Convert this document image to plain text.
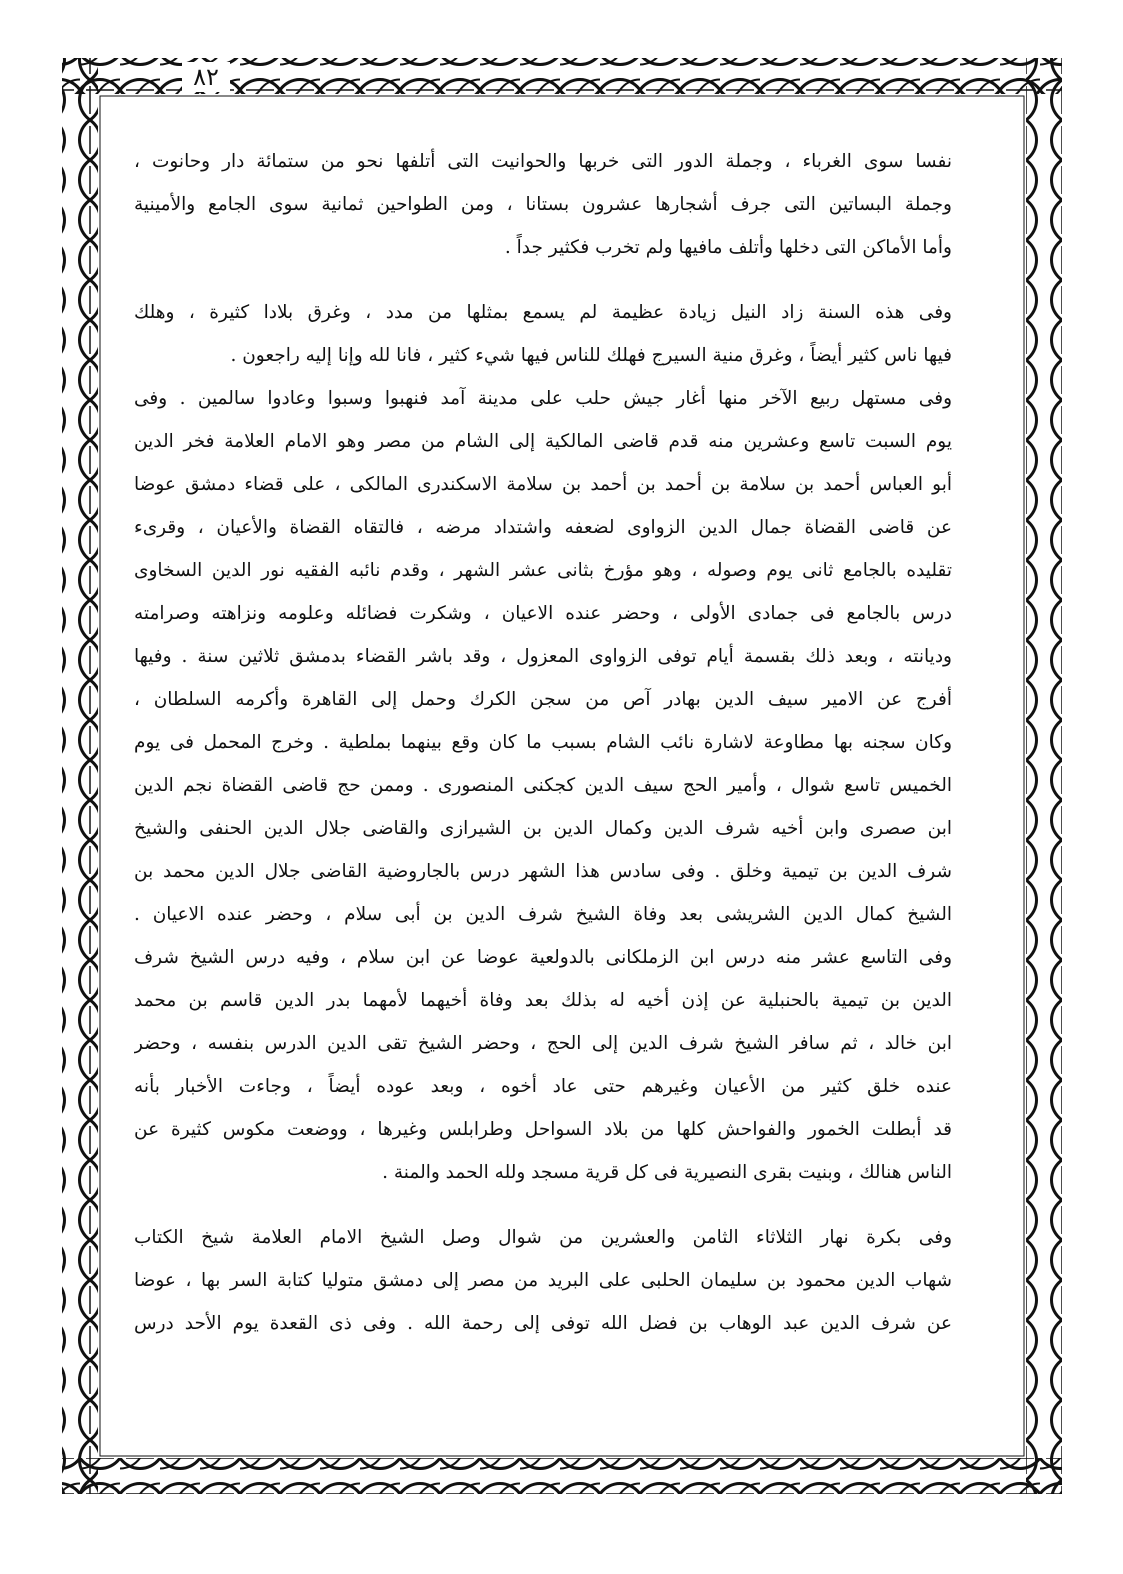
٨٢
نفسا سوى الغرباء ، وجملة الدور التى خربها والحوانيت التى أتلفها نحو من ستمائة دار وحانوت ،
وجملة البساتين التى جرف أشجارها عشرون بستانا ، ومن الطواحين ثمانية سوى الجامع والأمينية
وأما الأماكن التى دخلها وأتلف مافيها ولم تخرب فكثير جداً .
وفى هذه السنة زاد النيل زيادة عظيمة لم يسمع بمثلها من مدد ، وغرق بلادا كثيرة ، وهلك
فيها ناس كثير أيضاً ، وغرق منية السيرج فهلك للناس فيها شيء كثير ، فانا لله وإنا إليه راجعون .
وفى مستهل ربيع الآخر منها أغار جيش حلب على مدينة آمد فنهبوا وسبوا وعادوا سالمين . وفى
يوم السبت تاسع وعشرين منه قدم قاضى المالكية إلى الشام من مصر وهو الامام العلامة فخر الدين
أبو العباس أحمد بن سلامة بن أحمد بن أحمد بن سلامة الاسكندرى المالكى ، على قضاء دمشق عوضا
عن قاضى القضاة جمال الدين الزواوى لضعفه واشتداد مرضه ، فالتقاه القضاة والأعيان ، وقرىء
تقليده بالجامع ثانى يوم وصوله ، وهو مؤرخ بثانى عشر الشهر ، وقدم نائبه الفقيه نور الدين السخاوى
درس بالجامع فى جمادى الأولى ، وحضر عنده الاعيان ، وشكرت فضائله وعلومه ونزاهته وصرامته
وديانته ، وبعد ذلك بقسمة أيام توفى الزواوى المعزول ، وقد باشر القضاء بدمشق ثلاثين سنة . وفيها
أفرج عن الامير سيف الدين بهادر آص من سجن الكرك وحمل إلى القاهرة وأكرمه السلطان ،
وكان سجنه بها مطاوعة لاشارة نائب الشام بسبب ما كان وقع بينهما بملطية . وخرج المحمل فى يوم
الخميس تاسع شوال ، وأمير الحج سيف الدين كجكنى المنصورى . وممن حج قاضى القضاة نجم الدين
ابن صصرى وابن أخيه شرف الدين وكمال الدين بن الشيرازى والقاضى جلال الدين الحنفى والشيخ
شرف الدين بن تيمية وخلق . وفى سادس هذا الشهر درس بالجاروضية القاضى جلال الدين محمد بن
الشيخ كمال الدين الشريشى بعد وفاة الشيخ شرف الدين بن أبى سلام ، وحضر عنده الاعيان .
وفى التاسع عشر منه درس ابن الزملكانى بالدولعية عوضا عن ابن سلام ، وفيه درس الشيخ شرف
الدين بن تيمية بالحنبلية عن إذن أخيه له بذلك بعد وفاة أخيهما لأمهما بدر الدين قاسم بن محمد
ابن خالد ، ثم سافر الشيخ شرف الدين إلى الحج ، وحضر الشيخ تقى الدين الدرس بنفسه ، وحضر
عنده خلق كثير من الأعيان وغيرهم حتى عاد أخوه ، وبعد عوده أيضاً ، وجاءت الأخبار بأنه
قد أبطلت الخمور والفواحش كلها من بلاد السواحل وطرابلس وغيرها ، ووضعت مكوس كثيرة عن
الناس هنالك ، وبنيت بقرى النصيرية فى كل قرية مسجد ولله الحمد والمنة .
وفى بكرة نهار الثلاثاء الثامن والعشرين من شوال وصل الشيخ الامام العلامة شيخ الكتاب
شهاب الدين محمود بن سليمان الحلبى على البريد من مصر إلى دمشق متوليا كتابة السر بها ، عوضا
عن شرف الدين عبد الوهاب بن فضل الله توفى إلى رحمة الله . وفى ذى القعدة يوم الأحد درس
